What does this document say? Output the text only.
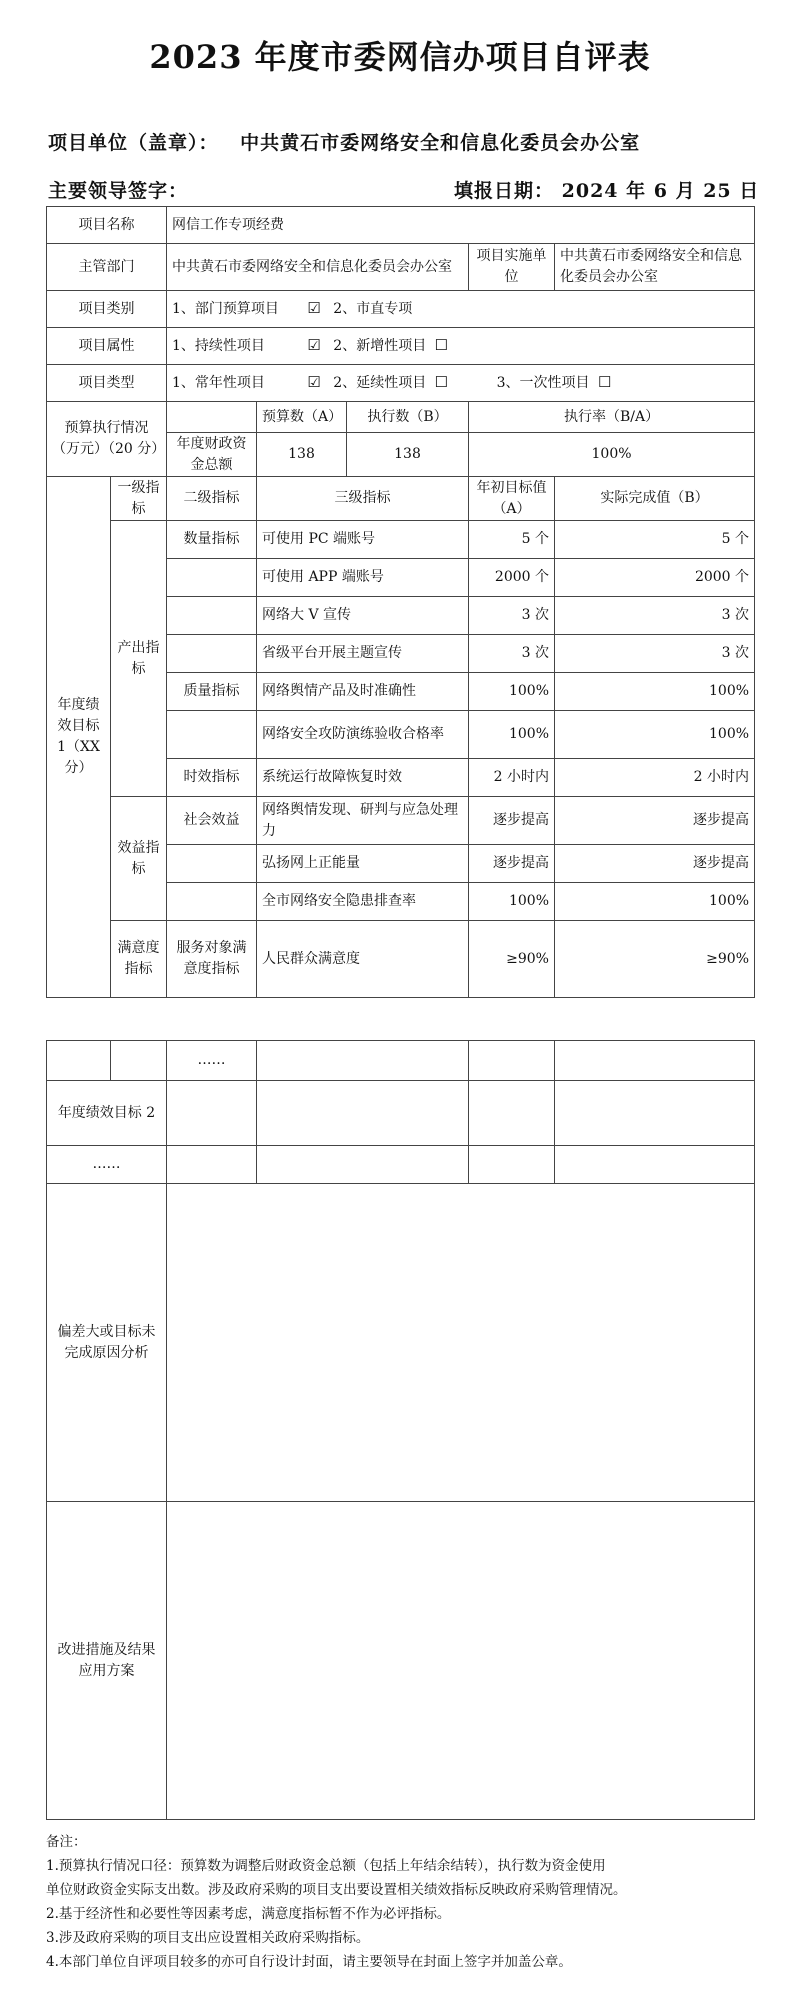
2023 年度市委网信办项目自评表
项目单位（盖章）： 中共黄石市委网络安全和信息化委员会办公室
主要领导签字：	填报日期： 2024 年 6 月 25 日
项目名称		网信工作专项经费				
主管部门		中共黄石市委网络安全和信息化委员会办公室			项目实施单位	中共黄石市委网络安全和信息化委员会办公室
项目类别		1、部门预算项目 ☑ 2、市直专项				
项目属性		1、持续性项目 ☑ 2、新增性项目 ☐				
项目类型		1、常年性项目 ☑ 2、延续性项目 ☐ 3、一次性项目 ☐				
预算执行情况（万元）（20 分）			预算数（A）	执行数（B）	执行率（B/A）	
		年度财政资金总额	138	138	100%	
年度绩效目标 1（XX 分）	一级指标	二级指标	三级指标		年初目标值（A）	实际完成值（B）
	产出指标	数量指标	可使用 PC 端账号		5 个	5 个
			可使用 APP 端账号		2000 个	2000 个
			网络大 V 宣传		3 次	3 次
			省级平台开展主题宣传		3 次	3 次
		质量指标	网络舆情产品及时准确性		100%	100%
			网络安全攻防演练验收合格率		100%	100%
		时效指标	系统运行故障恢复时效		2 小时内	2 小时内
	效益指标	社会效益	网络舆情发现、研判与应急处理力		逐步提高	逐步提高
			弘扬网上正能量		逐步提高	逐步提高
			全市网络安全隐患排查率		100%	100%
	满意度指标	服务对象满意度指标	人民群众满意度		≥90%	≥90%
		……			
年度绩效目标 2					
……					
偏差大或目标未完成原因分析					
改进措施及结果应用方案					
备注：
1.预算执行情况口径：预算数为调整后财政资金总额（包括上年结余结转），执行数为资金使用
单位财政资金实际支出数。涉及政府采购的项目支出要设置相关绩效指标反映政府采购管理情况。
2.基于经济性和必要性等因素考虑，满意度指标暂不作为必评指标。
3.涉及政府采购的项目支出应设置相关政府采购指标。
4.本部门单位自评项目较多的亦可自行设计封面，请主要领导在封面上签字并加盖公章。
